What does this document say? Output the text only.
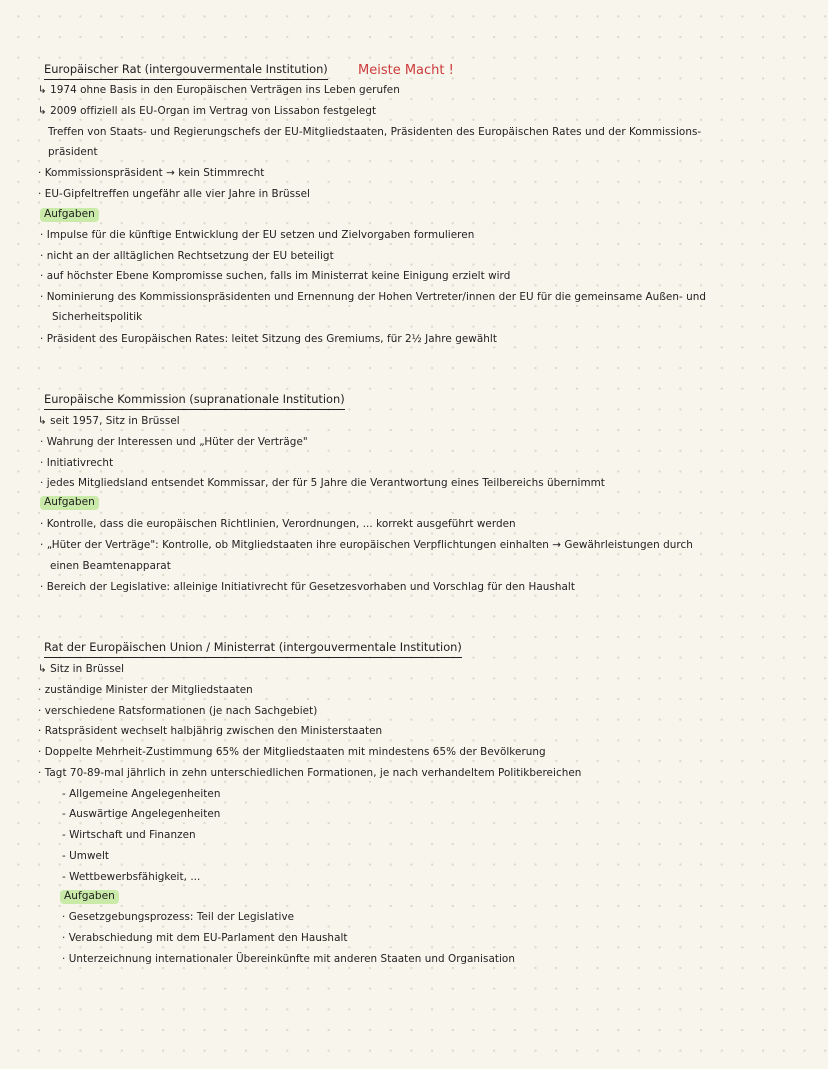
Europäischer Rat (intergouvermentale Institution) Meiste Macht !
↳ 1974 ohne Basis in den Europäischen Verträgen ins Leben gerufen
↳ 2009 offiziell als EU-Organ im Vertrag von Lissabon festgelegt
Treffen von Staats- und Regierungschefs der EU-Mitgliedstaaten, Präsidenten des Europäischen Rates und der Kommissions-
präsident
· Kommissionspräsident → kein Stimmrecht
· EU-Gipfeltreffen ungefähr alle vier Jahre in Brüssel
Aufgaben
· Impulse für die künftige Entwicklung der EU setzen und Zielvorgaben formulieren
· nicht an der alltäglichen Rechtsetzung der EU beteiligt
· auf höchster Ebene Kompromisse suchen, falls im Ministerrat keine Einigung erzielt wird
· Nominierung des Kommissionspräsidenten und Ernennung der Hohen Vertreter/innen der EU für die gemeinsame Außen- und
Sicherheitspolitik
· Präsident des Europäischen Rates: leitet Sitzung des Gremiums, für 2½ Jahre gewählt
Europäische Kommission (supranationale Institution)
↳ seit 1957, Sitz in Brüssel
· Wahrung der Interessen und „Hüter der Verträge"
· Initiativrecht
· jedes Mitgliedsland entsendet Kommissar, der für 5 Jahre die Verantwortung eines Teilbereichs übernimmt
Aufgaben
· Kontrolle, dass die europäischen Richtlinien, Verordnungen, ... korrekt ausgeführt werden
· „Hüter der Verträge": Kontrolle, ob Mitgliedstaaten ihre europäischen Verpflichtungen einhalten → Gewährleistungen durch
einen Beamtenapparat
· Bereich der Legislative: alleinige Initiativrecht für Gesetzesvorhaben und Vorschlag für den Haushalt
Rat der Europäischen Union / Ministerrat (intergouvermentale Institution)
↳ Sitz in Brüssel
· zuständige Minister der Mitgliedstaaten
· verschiedene Ratsformationen (je nach Sachgebiet)
· Ratspräsident wechselt halbjährig zwischen den Ministerstaaten
· Doppelte Mehrheit-Zustimmung 65% der Mitgliedstaaten mit mindestens 65% der Bevölkerung
· Tagt 70-89-mal jährlich in zehn unterschiedlichen Formationen, je nach verhandeltem Politikbereichen
- Allgemeine Angelegenheiten
- Auswärtige Angelegenheiten
- Wirtschaft und Finanzen
- Umwelt
- Wettbewerbsfähigkeit, ...
Aufgaben
· Gesetzgebungsprozess: Teil der Legislative
· Verabschiedung mit dem EU-Parlament den Haushalt
· Unterzeichnung internationaler Übereinkünfte mit anderen Staaten und Organisation
